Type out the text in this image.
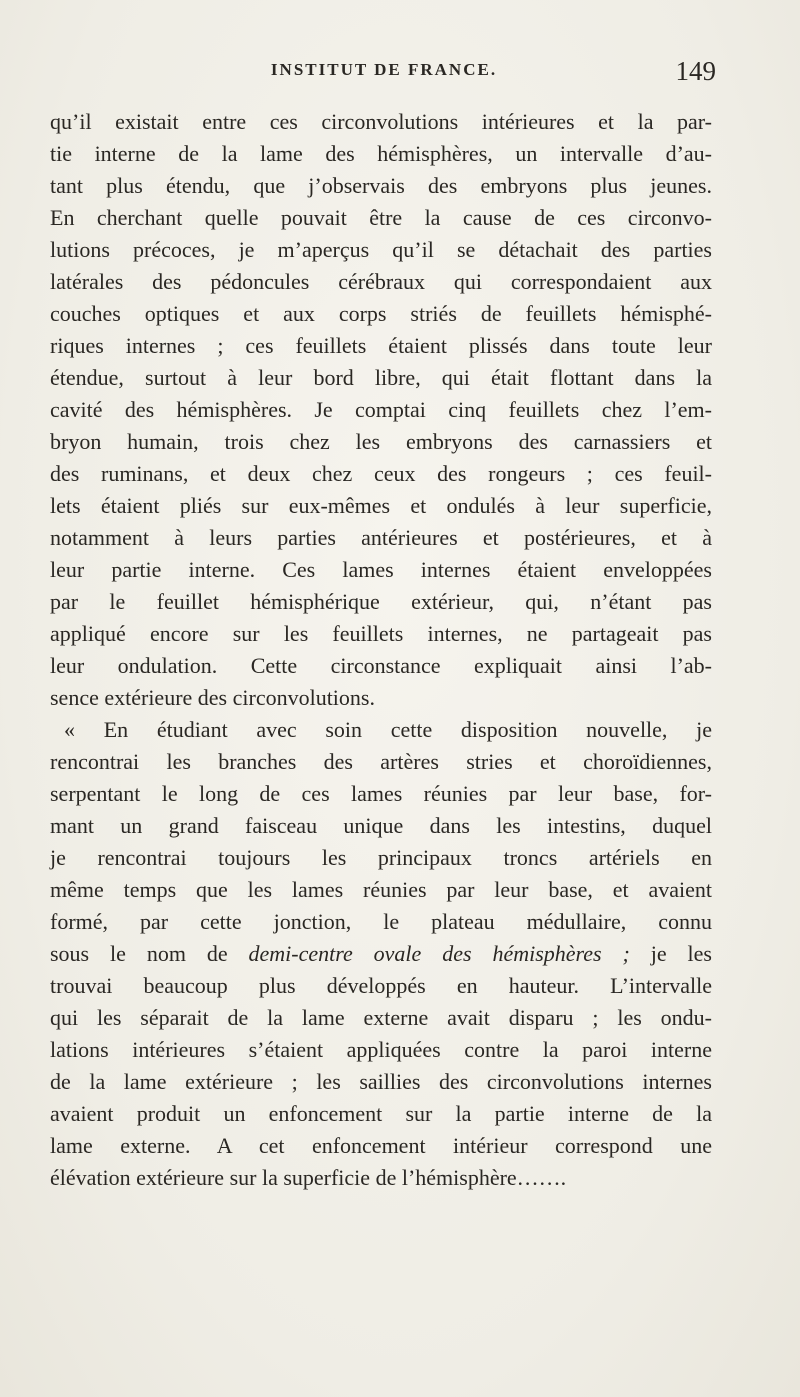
INSTITUT DE FRANCE.	149
qu’il existait entre ces circonvolutions intérieures et la par-
tie interne de la lame des hémisphères, un intervalle d’au-
tant plus étendu, que j’observais des embryons plus jeunes.
En cherchant quelle pouvait être la cause de ces circonvo-
lutions précoces, je m’aperçus qu’il se détachait des parties
latérales des pédoncules cérébraux qui correspondaient aux
couches optiques et aux corps striés de feuillets hémisphé-
riques internes ; ces feuillets étaient plissés dans toute leur
étendue, surtout à leur bord libre, qui était flottant dans la
cavité des hémisphères. Je comptai cinq feuillets chez l’em-
bryon humain, trois chez les embryons des carnassiers et
des ruminans, et deux chez ceux des rongeurs ; ces feuil-
lets étaient pliés sur eux-mêmes et ondulés à leur superficie,
notamment à leurs parties antérieures et postérieures, et à
leur partie interne. Ces lames internes étaient enveloppées
par le feuillet hémisphérique extérieur, qui, n’étant pas
appliqué encore sur les feuillets internes, ne partageait pas
leur ondulation. Cette circonstance expliquait ainsi l’ab-
sence extérieure des circonvolutions.
« En étudiant avec soin cette disposition nouvelle, je
rencontrai les branches des artères stries et choroïdiennes,
serpentant le long de ces lames réunies par leur base, for-
mant un grand faisceau unique dans les intestins, duquel
je rencontrai toujours les principaux troncs artériels en
même temps que les lames réunies par leur base, et avaient
formé, par cette jonction, le plateau médullaire, connu
sous le nom de demi-centre ovale des hémisphères ; je les
trouvai beaucoup plus développés en hauteur. L’intervalle
qui les séparait de la lame externe avait disparu ; les ondu-
lations intérieures s’étaient appliquées contre la paroi interne
de la lame extérieure ; les saillies des circonvolutions internes
avaient produit un enfoncement sur la partie interne de la
lame externe. A cet enfoncement intérieur correspond une
élévation extérieure sur la superficie de l’hémisphère…….
